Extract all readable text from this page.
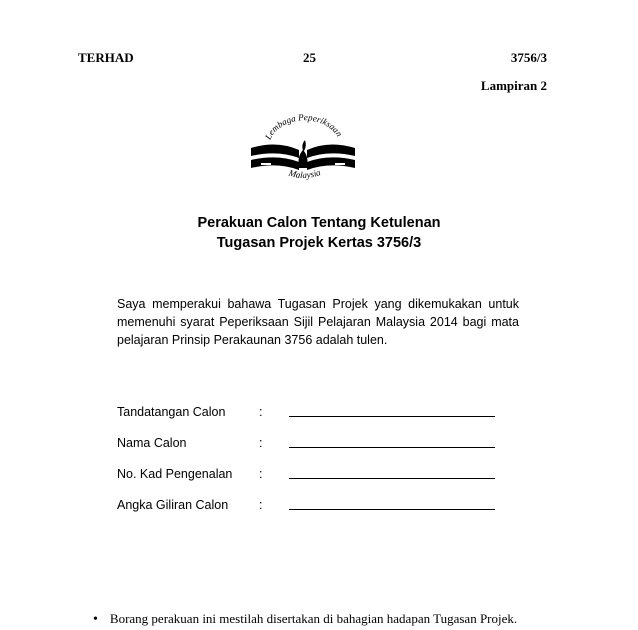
TERHAD	25	3756/3
Lampiran 2
Lembaga Peperiksaan
Malaysia
Perakuan Calon Tentang Ketulenan
Tugasan Projek Kertas 3756/3
Saya memperakui bahawa Tugasan Projek yang dikemukakan untuk memenuhi syarat Peperiksaan Sijil Pelajaran Malaysia 2014 bagi mata pelajaran Prinsip Perakaunan 3756 adalah tulen.
Tandatangan Calon	:
Nama Calon	:
No. Kad Pengenalan :
Angka Giliran Calon :
• Borang perakuan ini mestilah disertakan di bahagian hadapan Tugasan Projek.
